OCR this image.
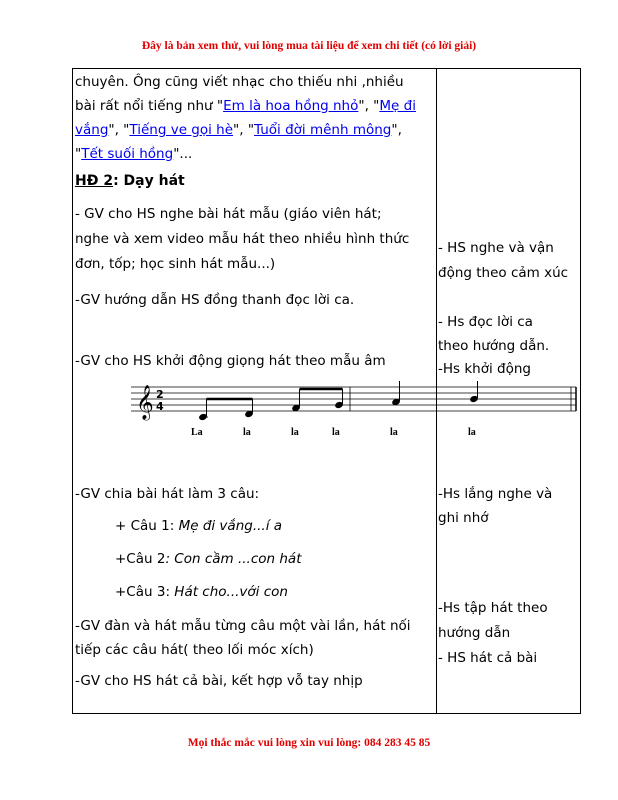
Đây là bản xem thử, vui lòng mua tài liệu để xem chi tiết (có lời giải)
chuyên. Ông cũng viết nhạc cho thiếu nhi ,nhiều
bài rất nổi tiếng như "Em là hoa hồng nhỏ", "Mẹ đi
vắng", "Tiếng ve gọi hè", "Tuổi đời mênh mông",
"Tết suối hồng"...
HĐ 2: Dạy hát
- GV cho HS nghe bài hát mẫu (giáo viên hát;
nghe và xem video mẫu hát theo nhiều hình thức
đơn, tốp; học sinh hát mẫu...)
-GV hướng dẫn HS đồng thanh đọc lời ca.
-GV cho HS khởi động giọng hát theo mẫu âm
𝄞 2
4
La	la	la	la	la	la
-GV chia bài hát làm 3 câu:
+ Câu 1: Mẹ đi vắng...í a
+Câu 2: Con cầm ...con hát
+Câu 3: Hát cho...với con
-GV đàn và hát mẫu từng câu một vài lần, hát nối
tiếp các câu hát( theo lối móc xích)
-GV cho HS hát cả bài, kết hợp vỗ tay nhịp
- HS nghe và vận
động theo cảm xúc
- Hs đọc lời ca
theo hướng dẫn.
-Hs khởi động
-Hs lắng nghe và
ghi nhớ
-Hs tập hát theo
hướng dẫn
- HS hát cả bài
Mọi thắc mắc vui lòng xin vui lòng: 084 283 45 85
